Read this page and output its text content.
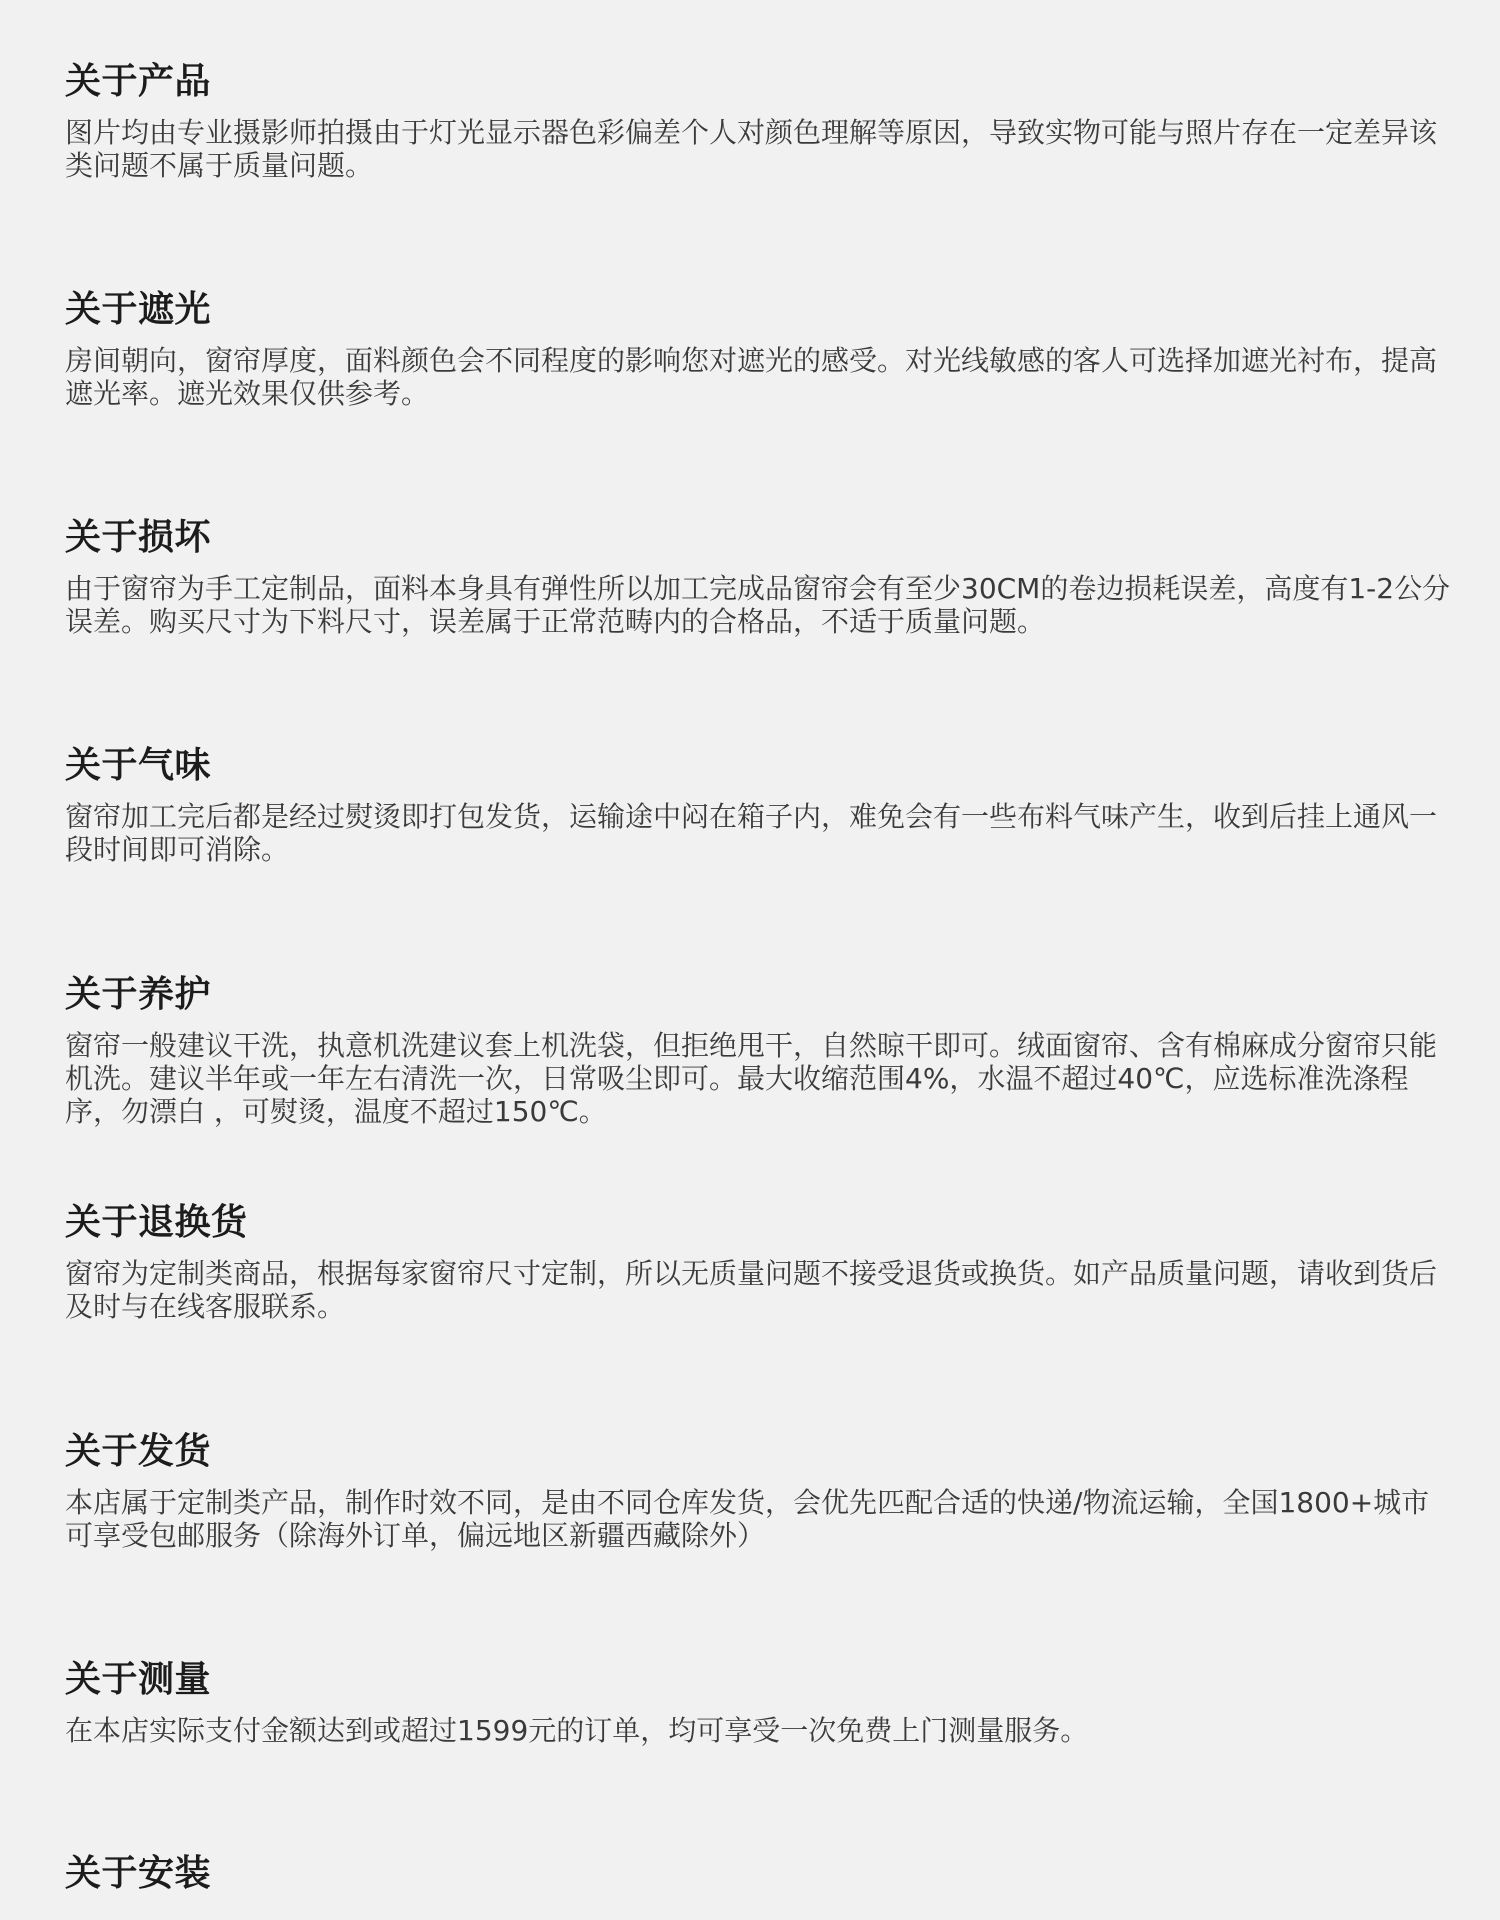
关于产品

图片均由专业摄影师拍摄由于灯光显示器色彩偏差个人对颜色理解等原因，导致实物可能与照片存在一定差异该类问题不属于质量问题。

关于遮光

房间朝向，窗帘厚度，面料颜色会不同程度的影响您对遮光的感受。对光线敏感的客人可选择加遮光衬布，提高遮光率。遮光效果仅供参考。

关于损坏

由于窗帘为手工定制品，面料本身具有弹性所以加工完成品窗帘会有至少30CM的卷边损耗误差，高度有1-2公分误差。购买尺寸为下料尺寸，误差属于正常范畴内的合格品，不适于质量问题。

关于气味

窗帘加工完后都是经过熨烫即打包发货，运输途中闷在箱子内，难免会有一些布料气味产生，收到后挂上通风一段时间即可消除。

关于养护

窗帘一般建议干洗，执意机洗建议套上机洗袋，但拒绝甩干，自然晾干即可。绒面窗帘、含有棉麻成分窗帘只能机洗。建议半年或一年左右清洗一次，日常吸尘即可。最大收缩范围4%，水温不超过40℃，应选标准洗涤程序，勿漂白 ，可熨烫，温度不超过150℃。

关于退换货

窗帘为定制类商品，根据每家窗帘尺寸定制，所以无质量问题不接受退货或换货。如产品质量问题，请收到货后及时与在线客服联系。

关于发货

本店属于定制类产品，制作时效不同，是由不同仓库发货，会优先匹配合适的快递/物流运输，全国1800+城市可享受包邮服务（除海外订单，偏远地区新疆西藏除外）

关于测量

在本店实际支付金额达到或超过1599元的订单，均可享受一次免费上门测量服务。

关于安装
